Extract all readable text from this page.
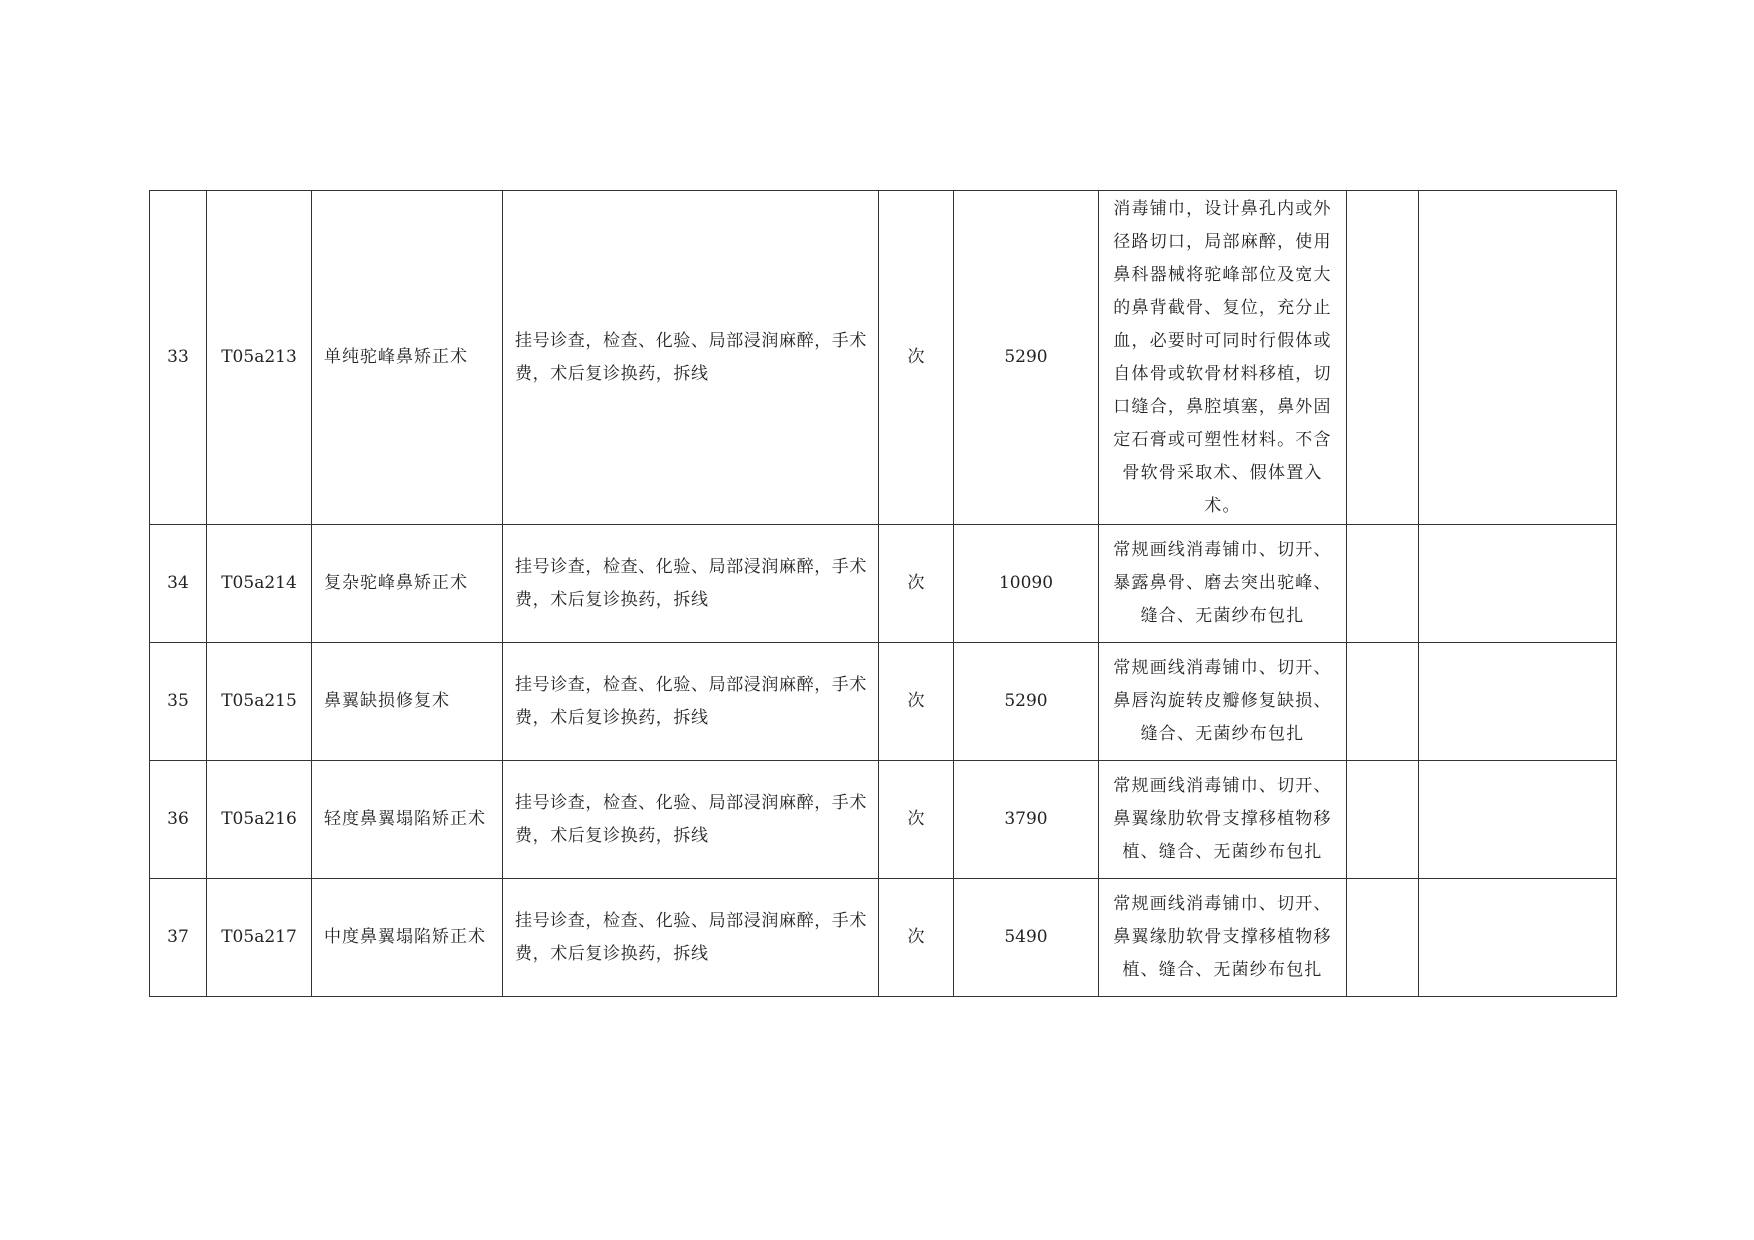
33	T05a213	单纯驼峰鼻矫正术	挂号诊查，检查、化验、局部浸润麻醉，手术费，术后复诊换药，拆线	次	5290	消毒铺巾，设计鼻孔内或外径路切口，局部麻醉，使用鼻科器械将驼峰部位及宽大的鼻背截骨、复位，充分止血，必要时可同时行假体或自体骨或软骨材料移植，切口缝合，鼻腔填塞，鼻外固定石膏或可塑性材料。不含骨软骨采取术、假体置入术。		
34	T05a214	复杂驼峰鼻矫正术	挂号诊查，检查、化验、局部浸润麻醉，手术费，术后复诊换药，拆线	次	10090	常规画线消毒铺巾、切开、暴露鼻骨、磨去突出驼峰、缝合、无菌纱布包扎		
35	T05a215	鼻翼缺损修复术	挂号诊查，检查、化验、局部浸润麻醉，手术费，术后复诊换药，拆线	次	5290	常规画线消毒铺巾、切开、鼻唇沟旋转皮瓣修复缺损、缝合、无菌纱布包扎		
36	T05a216	轻度鼻翼塌陷矫正术	挂号诊查，检查、化验、局部浸润麻醉，手术费，术后复诊换药，拆线	次	3790	常规画线消毒铺巾、切开、鼻翼缘肋软骨支撑移植物移植、缝合、无菌纱布包扎		
37	T05a217	中度鼻翼塌陷矫正术	挂号诊查，检查、化验、局部浸润麻醉，手术费，术后复诊换药，拆线	次	5490	常规画线消毒铺巾、切开、鼻翼缘肋软骨支撑移植物移植、缝合、无菌纱布包扎		
